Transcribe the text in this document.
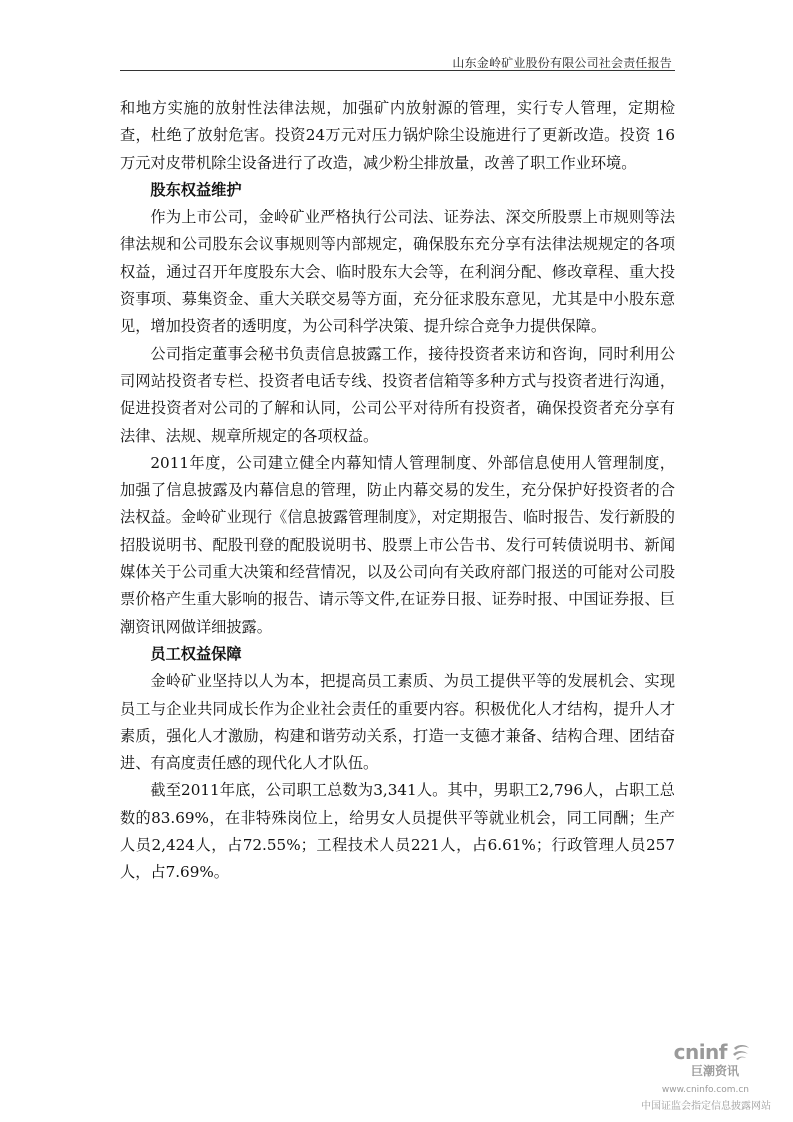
山东金岭矿业股份有限公司社会责任报告

和地方实施的放射性法律法规，加强矿内放射源的管理，实行专人管理，定期检查，杜绝了放射危害。投资24万元对压力锅炉除尘设施进行了更新改造。投资 16万元对皮带机除尘设备进行了改造，减少粉尘排放量，改善了职工作业环境。

股东权益维护

作为上市公司，金岭矿业严格执行公司法、证券法、深交所股票上市规则等法律法规和公司股东会议事规则等内部规定，确保股东充分享有法律法规规定的各项权益，通过召开年度股东大会、临时股东大会等，在利润分配、修改章程、重大投资事项、募集资金、重大关联交易等方面，充分征求股东意见，尤其是中小股东意见，增加投资者的透明度，为公司科学决策、提升综合竞争力提供保障。

公司指定董事会秘书负责信息披露工作，接待投资者来访和咨询，同时利用公司网站投资者专栏、投资者电话专线、投资者信箱等多种方式与投资者进行沟通，促进投资者对公司的了解和认同，公司公平对待所有投资者，确保投资者充分享有法律、法规、规章所规定的各项权益。

2011年度，公司建立健全内幕知情人管理制度、外部信息使用人管理制度，加强了信息披露及内幕信息的管理，防止内幕交易的发生，充分保护好投资者的合法权益。金岭矿业现行《信息披露管理制度》，对定期报告、临时报告、发行新股的招股说明书、配股刊登的配股说明书、股票上市公告书、发行可转债说明书、新闻媒体关于公司重大决策和经营情况，以及公司向有关政府部门报送的可能对公司股票价格产生重大影响的报告、请示等文件,在证券日报、证券时报、中国证券报、巨潮资讯网做详细披露。

员工权益保障

金岭矿业坚持以人为本，把提高员工素质、为员工提供平等的发展机会、实现员工与企业共同成长作为企业社会责任的重要内容。积极优化人才结构，提升人才素质，强化人才激励，构建和谐劳动关系，打造一支德才兼备、结构合理、团结奋进、有高度责任感的现代化人才队伍。

截至2011年底，公司职工总数为3,341人。其中，男职工2,796人，占职工总数的83.69%，在非特殊岗位上，给男女人员提供平等就业机会，同工同酬；生产人员2,424人，占72.55%；工程技术人员221人，占6.61%；行政管理人员257人，占7.69%。

cninf
巨潮资讯
www.cninfo.com.cn
中国证监会指定信息披露网站
